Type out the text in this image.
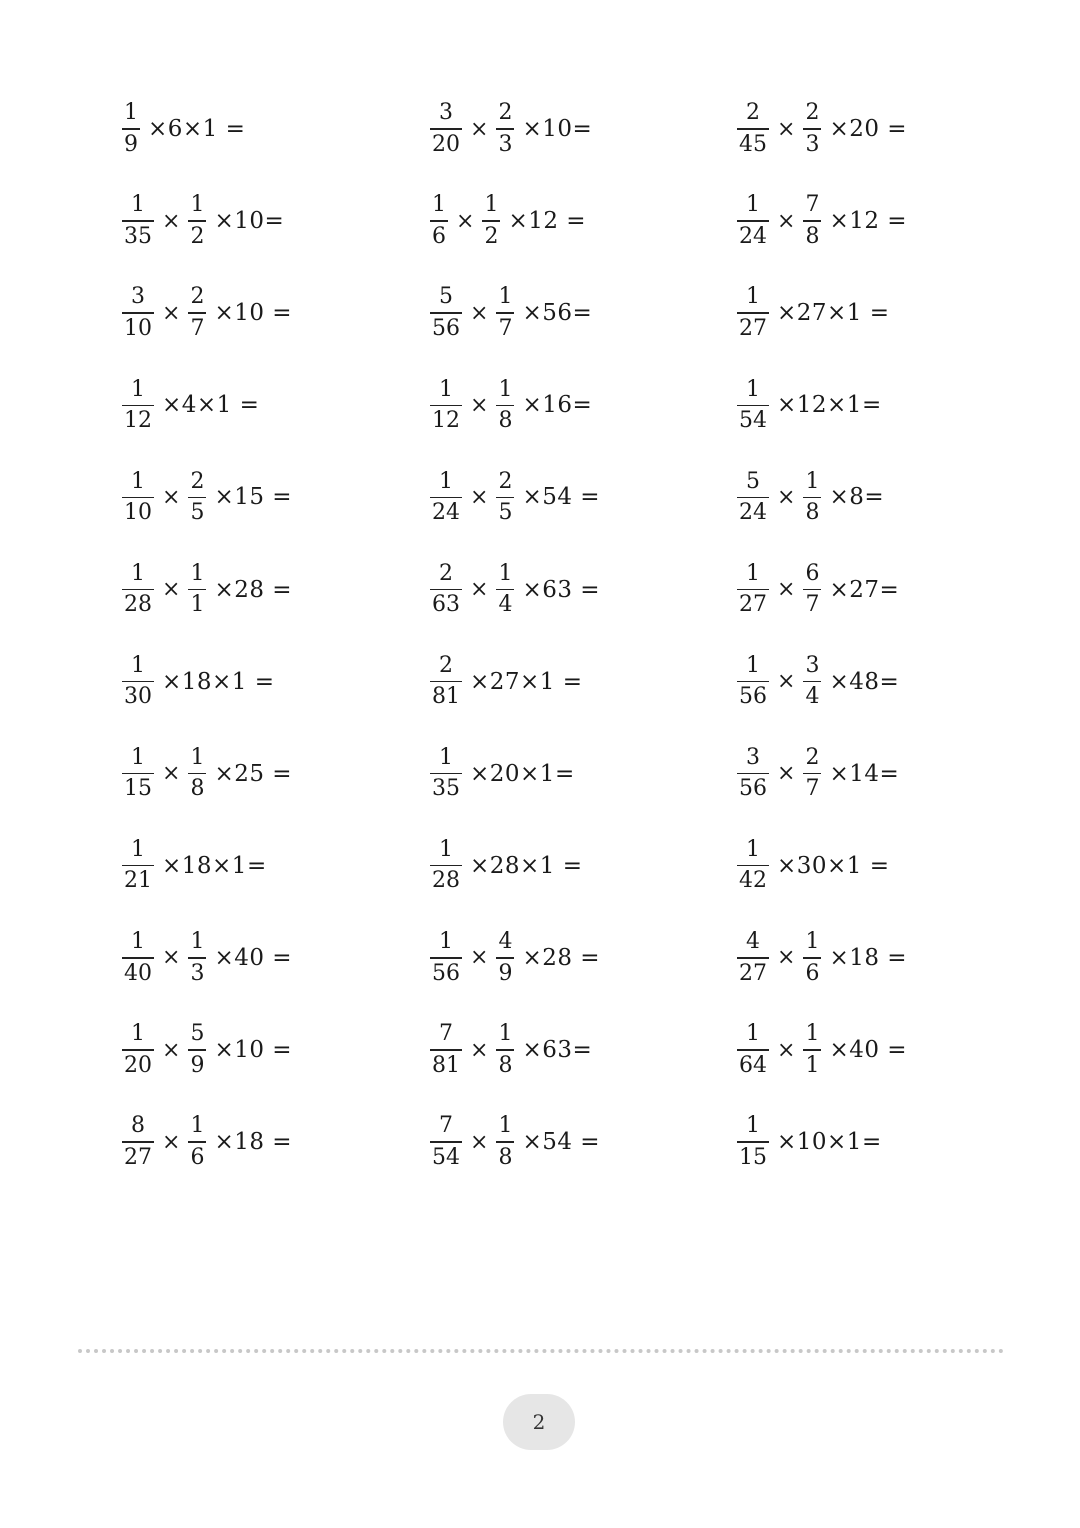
$\frac{1}{9} \times 6\times 1$ =	$\frac{3}{20} \times \frac{2}{3} \times 10=$	$\frac{2}{45} \times \frac{2}{3} \times 20$ =
$\frac{1}{35} \times \frac{1}{2} \times 10=$	$\frac{1}{6} \times \frac{1}{2} \times 12$ =	$\frac{1}{24} \times \frac{7}{8} \times 12$ =
$\frac{3}{10} \times \frac{2}{7} \times 10$ =	$\frac{5}{56} \times \frac{1}{7} \times 56=$	$\frac{1}{27} \times 27\times 1$ =
$\frac{1}{12} \times 4\times 1$ =	$\frac{1}{12} \times \frac{1}{8} \times 16=$	$\frac{1}{54} \times 12\times 1=$
$\frac{1}{10} \times \frac{2}{5} \times 15$ =	$\frac{1}{24} \times \frac{2}{5} \times 54$ =	$\frac{5}{24} \times \frac{1}{8} \times 8=$
$\frac{1}{28} \times \frac{1}{1} \times 28$ =	$\frac{2}{63} \times \frac{1}{4} \times 63$ =	$\frac{1}{27} \times \frac{6}{7} \times 27=$
$\frac{1}{30} \times 18\times 1$ =	$\frac{2}{81} \times 27\times 1$ =	$\frac{1}{56} \times \frac{3}{4} \times 48=$
$\frac{1}{15} \times \frac{1}{8} \times 25$ =	$\frac{1}{35} \times 20\times 1=$	$\frac{3}{56} \times \frac{2}{7} \times 14=$
$\frac{1}{21} \times 18\times 1=$	$\frac{1}{28} \times 28\times 1$ =	$\frac{1}{42} \times 30\times 1$ =
$\frac{1}{40} \times \frac{1}{3} \times 40$ =	$\frac{1}{56} \times \frac{4}{9} \times 28$ =	$\frac{4}{27} \times \frac{1}{6} \times 18$ =
$\frac{1}{20} \times \frac{5}{9} \times 10$ =	$\frac{7}{81} \times \frac{1}{8} \times 63=$	$\frac{1}{64} \times \frac{1}{1} \times 40$ =
$\frac{8}{27} \times \frac{1}{6} \times 18$ =	$\frac{7}{54} \times \frac{1}{8} \times 54$ =	$\frac{1}{15} \times 10\times 1=$
2
